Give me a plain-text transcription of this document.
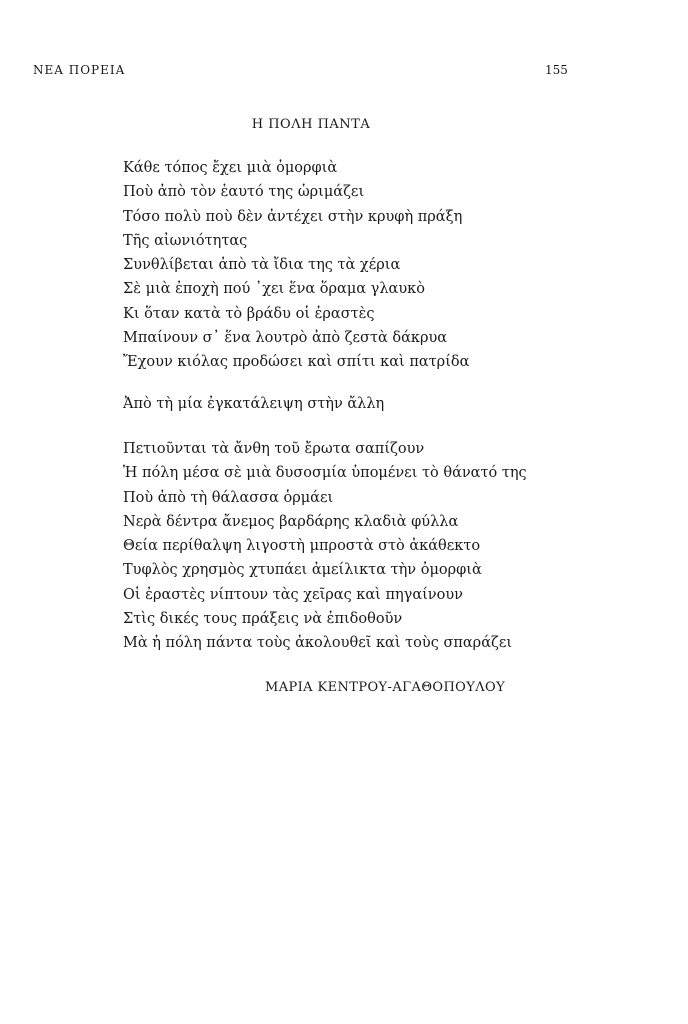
ΝΕΑ ΠΟΡΕΙΑ	155
Η ΠΟΛΗ ΠΑΝΤΑ
Κάθε τόπος ἔχει μιὰ ὀμορφιὰ
Ποὺ ἀπὸ τὸν ἑαυτό της ὡριμάζει
Τόσο πολὺ ποὺ δὲν ἀντέχει στὴν κρυφὴ πράξη
Τῆς αἰωνιότητας
Συνθλίβεται ἀπὸ τὰ ἴδια της τὰ χέρια
Σὲ μιὰ ἐποχὴ πού ᾽χει ἕνα ὅραμα γλαυκὸ
Κι ὅταν κατὰ τὸ βράδυ οἱ ἐραστὲς
Μπαίνουν σ᾽ ἕνα λουτρὸ ἀπὸ ζεστὰ δάκρυα
Ἔχουν κιόλας προδώσει καὶ σπίτι καὶ πατρίδα
Ἀπὸ τὴ μία ἐγκατάλειψη στὴν ἄλλη
Πετιοῦνται τὰ ἄνθη τοῦ ἔρωτα σαπίζουν
Ἡ πόλη μέσα σὲ μιὰ δυσοσμία ὑπομένει τὸ θάνατό της
Ποὺ ἀπὸ τὴ θάλασσα ὁρμάει
Νερὰ δέντρα ἄνεμος βαρδάρης κλαδιὰ φύλλα
Θεία περίθαλψη λιγοστὴ μπροστὰ στὸ ἀκάθεκτο
Τυφλὸς χρησμὸς χτυπάει ἀμείλικτα τὴν ὀμορφιὰ
Οἱ ἐραστὲς νίπτουν τὰς χεῖρας καὶ πηγαίνουν
Στὶς δικές τους πράξεις νὰ ἐπιδοθοῦν
Μὰ ἡ πόλη πάντα τοὺς ἀκολουθεῖ καὶ τοὺς σπαράζει
ΜΑΡΙΑ ΚΕΝΤΡΟΥ-ΑΓΑΘΟΠΟΥΛΟΥ
